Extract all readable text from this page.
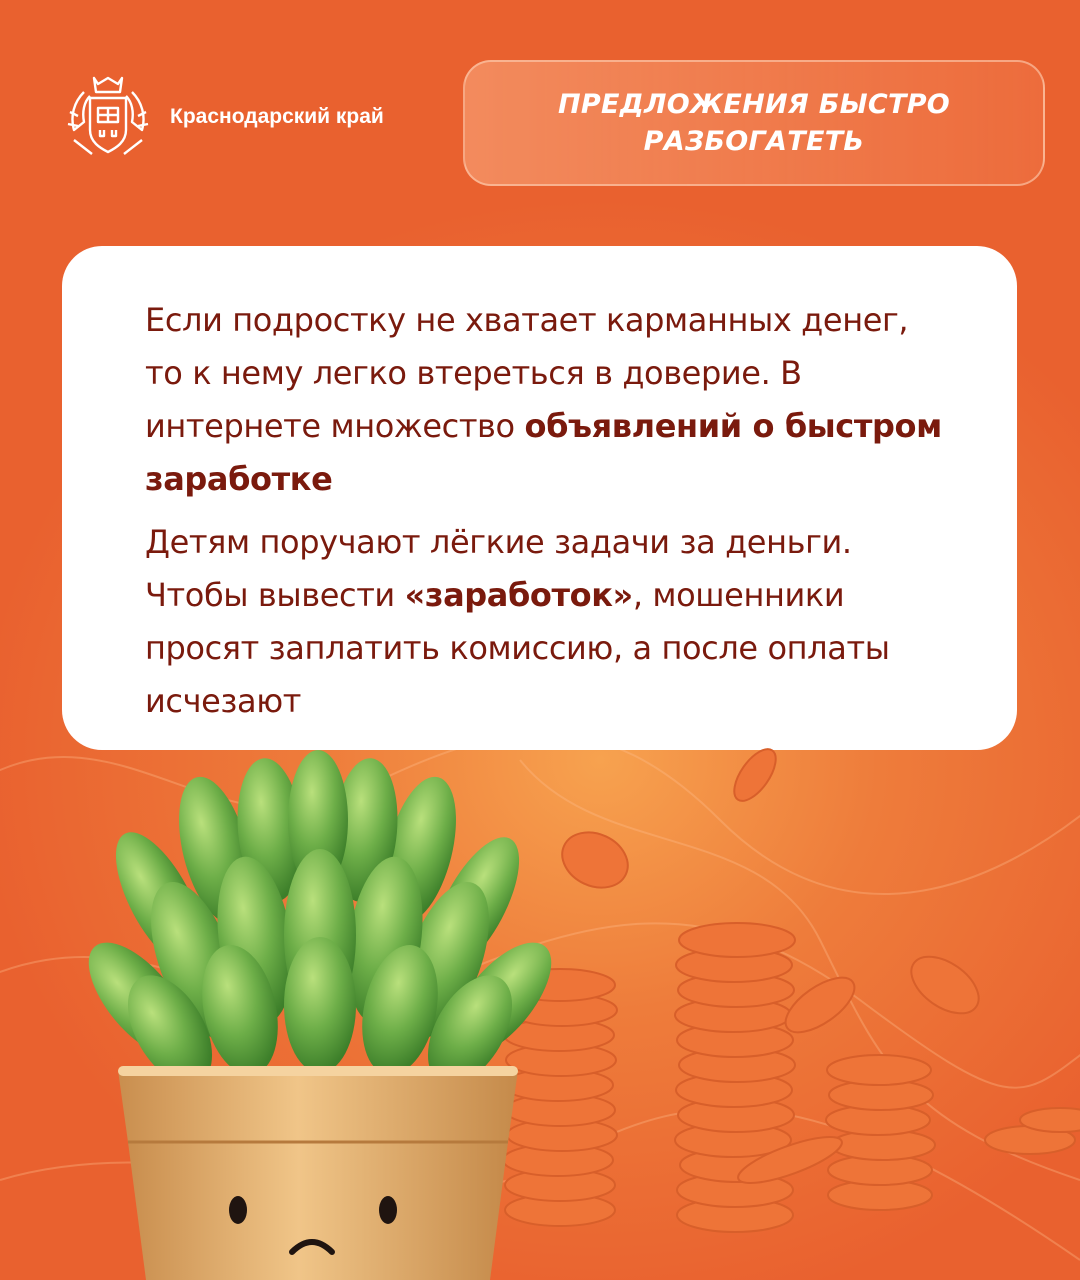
Краснодарский край	ПРЕДЛОЖЕНИЯ БЫСТРО РАЗБОГАТЕТЬ

Если подростку не хватает карманных денег, то к нему легко втереться в доверие. В интернете множество объявлений о быстром заработке

Детям поручают лёгкие задачи за деньги. Чтобы вывести «заработок», мошенники просят заплатить комиссию, а после оплаты исчезают
